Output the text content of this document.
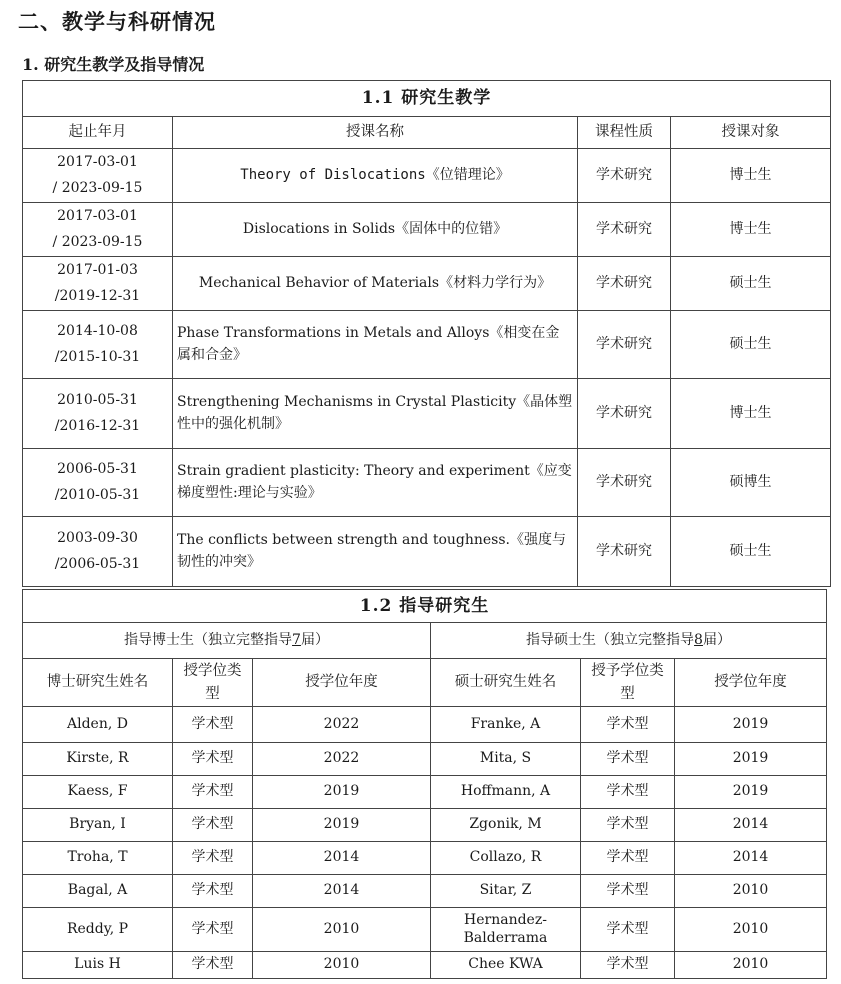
二、教学与科研情况
1. 研究生教学及指导情况
1.1 研究生教学			
起止年月	授课名称	课程性质	授课对象

2017-03-01
/ 2023-09-15	Theory of Dislocations《位错理论》	学术研究	博士生

2017-03-01
/ 2023-09-15	Dislocations in Solids《固体中的位错》	学术研究	博士生

2017-01-03
/2019-12-31	Mechanical Behavior of Materials《材料力学行为》	学术研究	硕士生

2014-10-08
/2015-10-31	Phase Transformations in Metals and Alloys《相变在金属和合金》	学术研究	硕士生

2010-05-31
/2016-12-31	Strengthening Mechanisms in Crystal Plasticity《晶体塑性中的强化机制》	学术研究	博士生

2006-05-31
/2010-05-31	Strain gradient plasticity: Theory and experiment《应变梯度塑性:理论与实验》	学术研究	硕博生

2003-09-30
/2006-05-31	The conflicts between strength and toughness.《强度与韧性的冲突》	学术研究	硕士生
1.2 指导研究生					
指导博士生（独立完整指导7届）			指导硕士生（独立完整指导8届）		
博士研究生姓名	授学位类型	授学位年度	硕士研究生姓名	授予学位类型	授学位年度
Alden, D	学术型	2022	Franke, A	学术型	2019
Kirste, R	学术型	2022	Mita, S	学术型	2019
Kaess, F	学术型	2019	Hoffmann, A	学术型	2019
Bryan, I	学术型	2019	Zgonik, M	学术型	2014
Troha, T	学术型	2014	Collazo, R	学术型	2014
Bagal, A	学术型	2014	Sitar, Z	学术型	2010
Reddy, P	学术型	2010	Hernandez-Balderrama	学术型	2010
Luis H	学术型	2010	Chee KWA	学术型	2010
